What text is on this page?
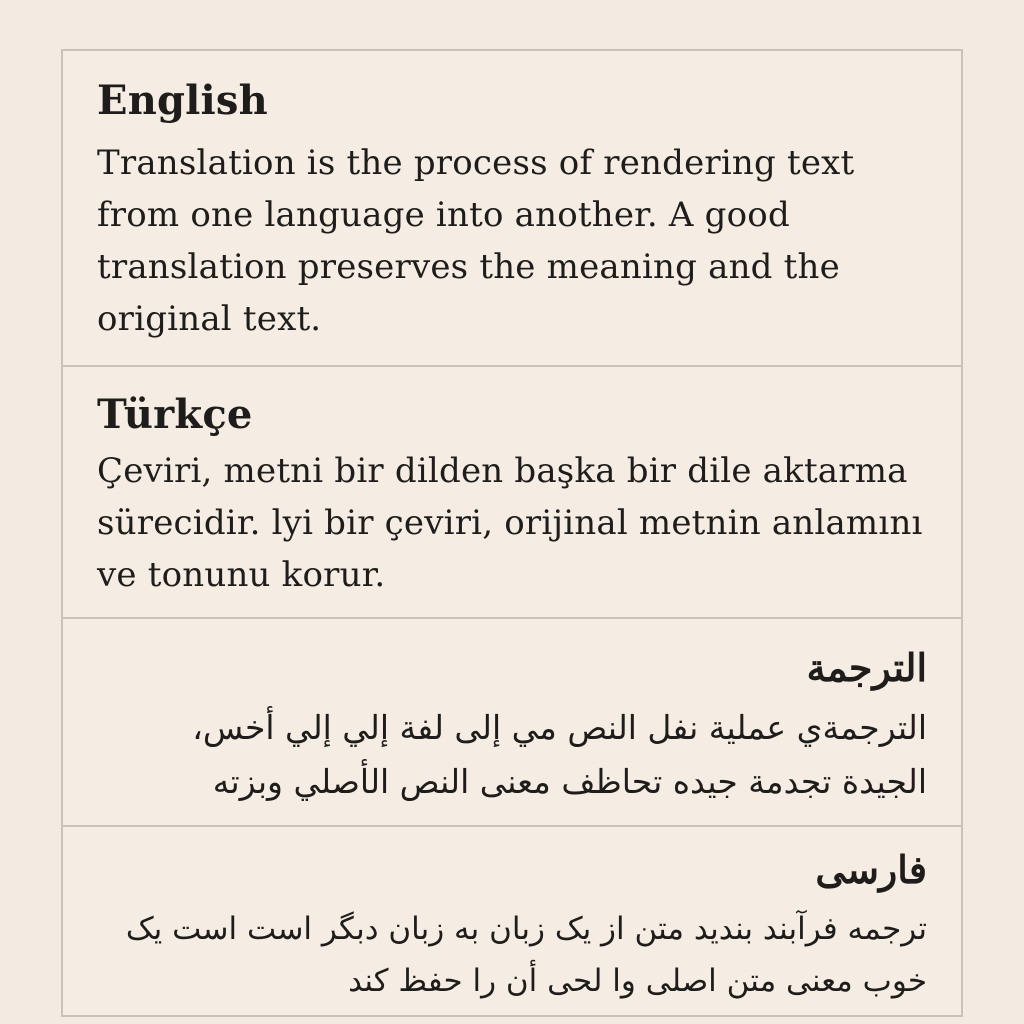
English
Translation is the process of rendering text from one language into another. A good translation preserves the meaning and the original text.
Türkçe
Çeviri, metni bir dilden başka bir dile aktarma sürecidir. lyi bir çeviri, orijinal metnin anlamını ve tonunu korur.
الترجمة
الترجمةي عملية نفل النص مي إلى لفة إلي إلي أخس، الجيدة تجدمة جيده تحاظف معنى النص الأصلي وبزته
فارسی
ترجمه فرآبند بندید متن از یک زبان به زبان دبگر است است یک خوب معنی متن اصلی وا لحی أن را حفظ کند
